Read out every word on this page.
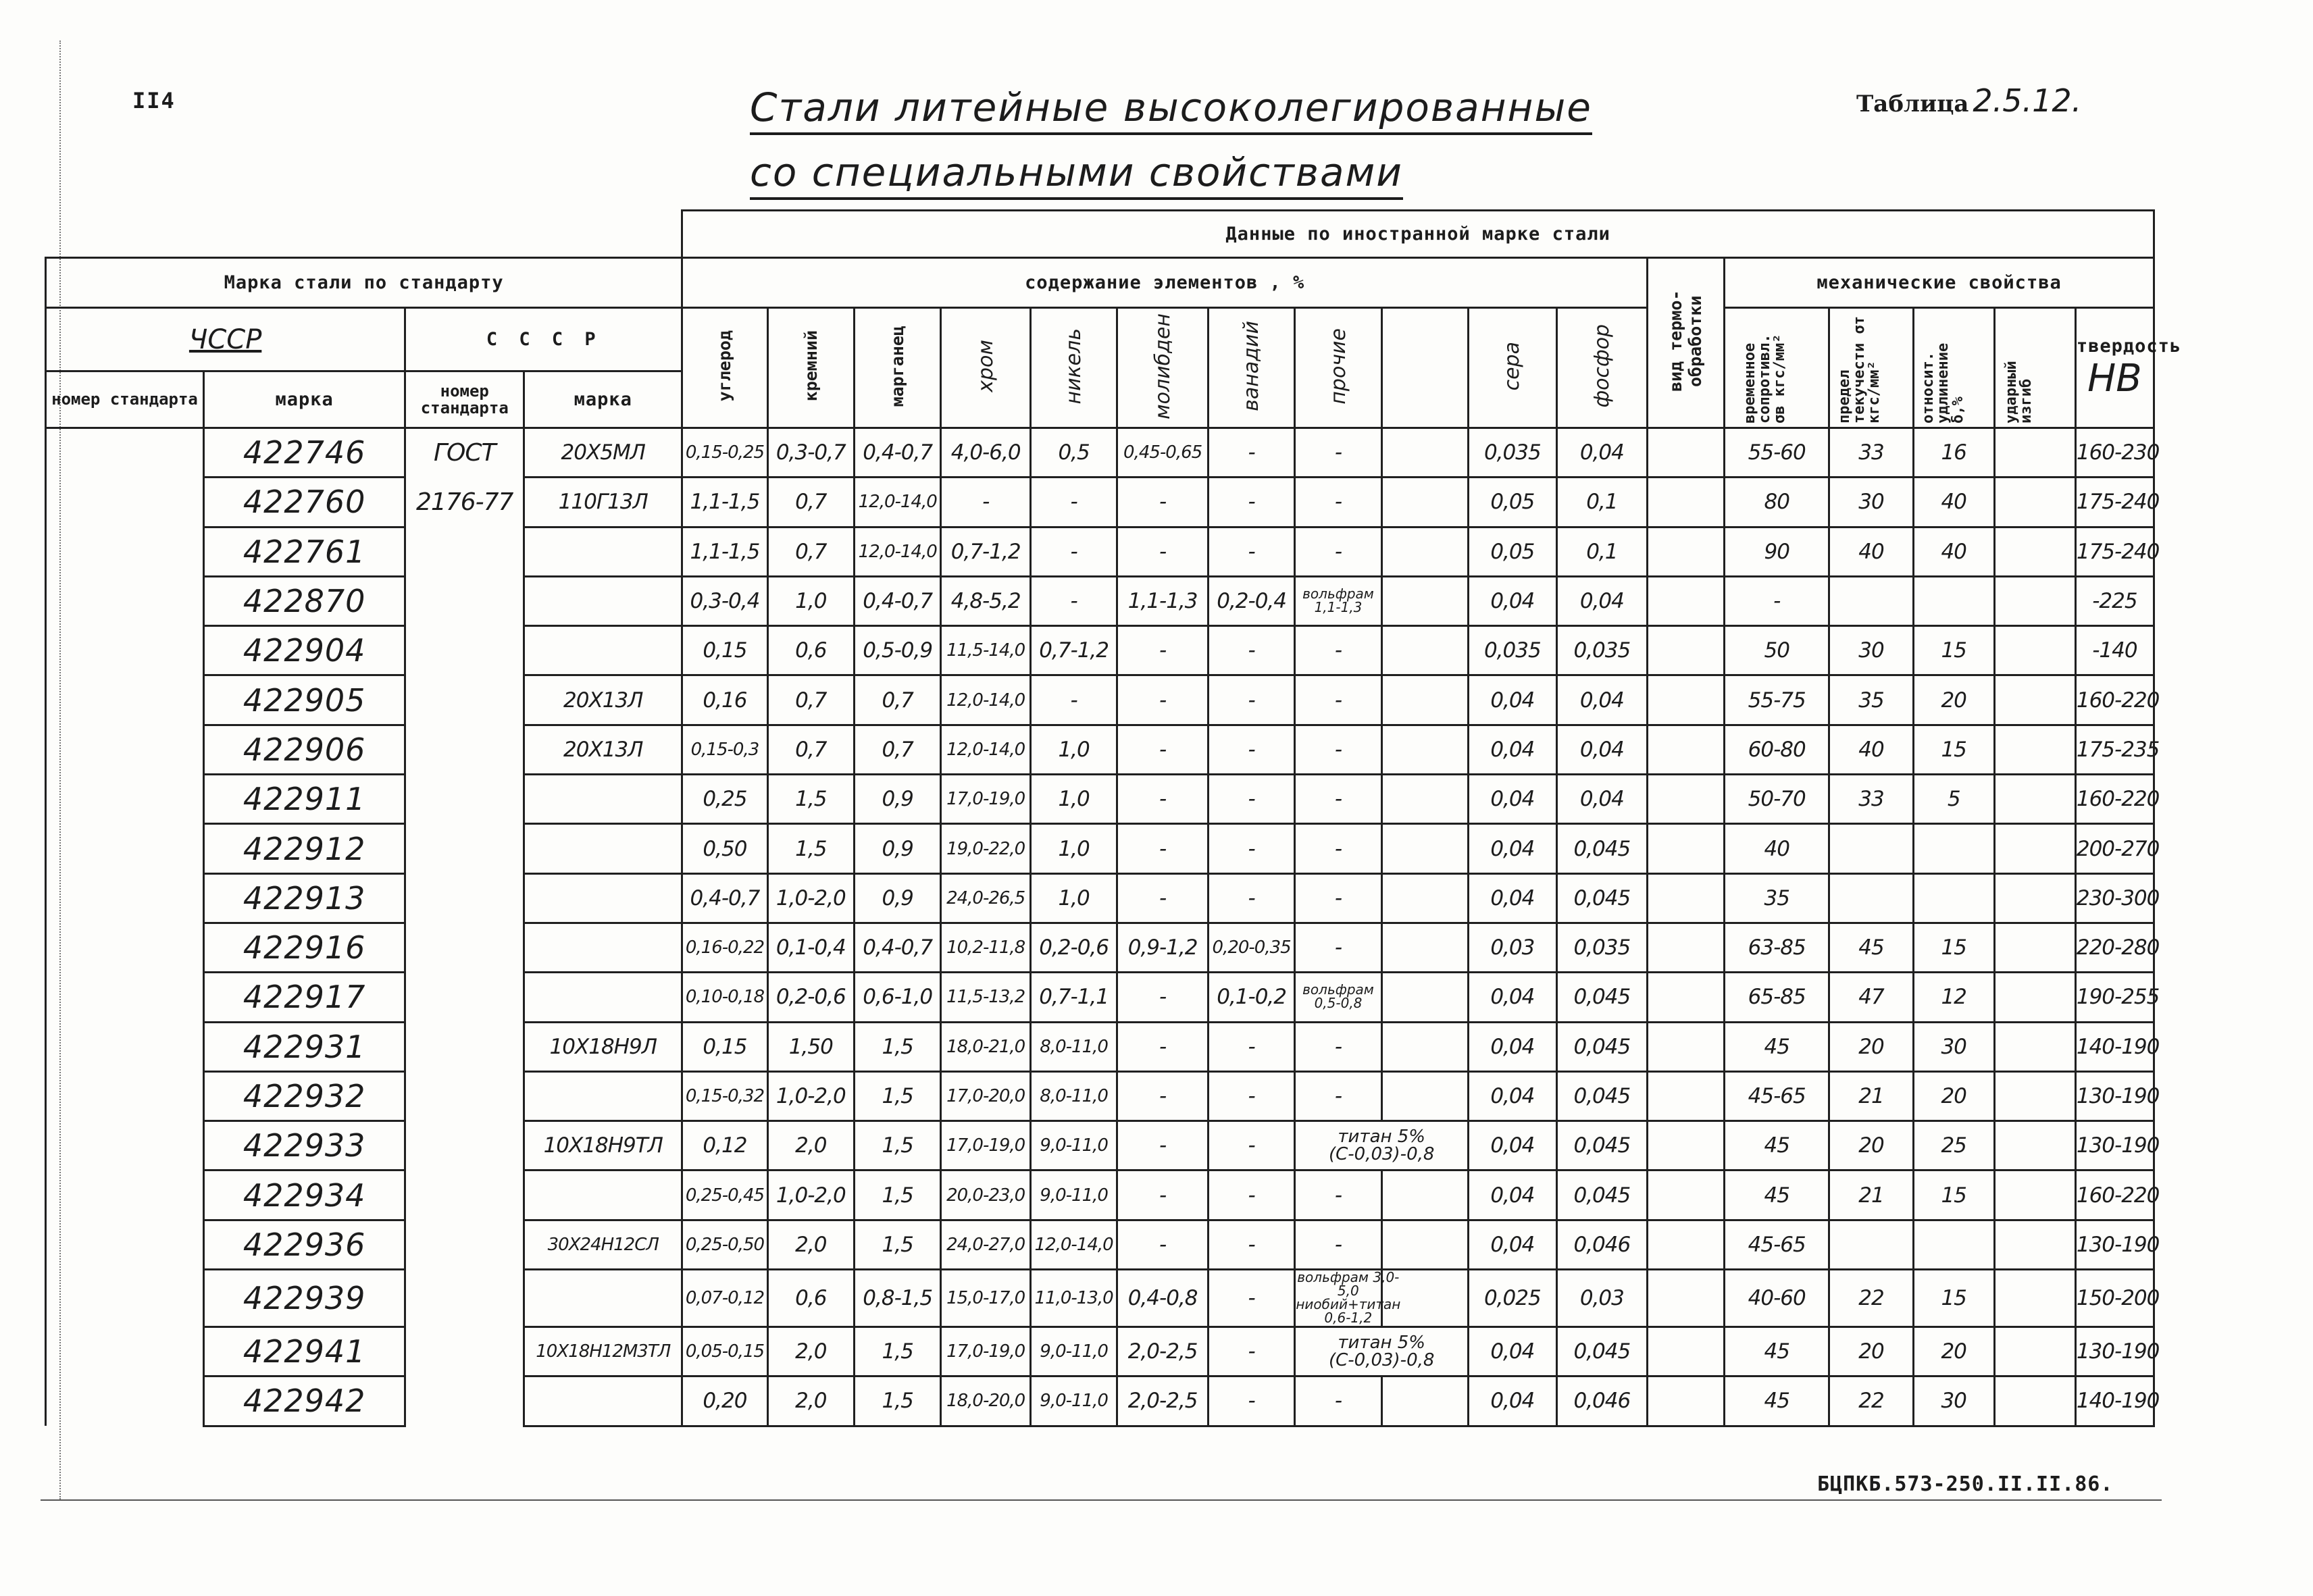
II4	Стали литейные высоколегированные
со специальными свойствами
Таблица 2.5.12.
				Данные по иностранной марке стали																
Марка стали по стандарту				содержание элементов , %											вид термо- обработки	механические свойства				
ЧССР		С С С Р		углерод	кремний	марганец	хром	никель	молибден	ванадий	прочие		сера	фосфор		временное сопротивл. σв кгс/мм²	предел текучести σт кгс/мм²	относит. удлинение δ,%	ударный изгиб	твердость
НВ

номер стандарта	марка	номер стандарта	марка																	
	422746	ГОСТ	20Х5МЛ	0,15-0,25	0,3-0,7	0,4-0,7	4,0-6,0	0,5	0,45-0,65	-	-		0,035	0,04		55-60	33	16		160-230
	422760	2176-77	110Г13Л	1,1-1,5	0,7	12,0-14,0	-	-	-	-	-		0,05	0,1		80	30	40		175-240
	422761			1,1-1,5	0,7	12,0-14,0	0,7-1,2	-	-	-	-		0,05	0,1		90	40	40		175-240
	422870			0,3-0,4	1,0	0,4-0,7	4,8-5,2	-	1,1-1,3	0,2-0,4	вольфрам 1,1-1,3		0,04	0,04		-				-225
	422904			0,15	0,6	0,5-0,9	11,5-14,0	0,7-1,2	-	-	-		0,035	0,035		50	30	15		-140
	422905		20Х13Л	0,16	0,7	0,7	12,0-14,0	-	-	-	-		0,04	0,04		55-75	35	20		160-220
	422906		20Х13Л	0,15-0,3	0,7	0,7	12,0-14,0	1,0	-	-	-		0,04	0,04		60-80	40	15		175-235
	422911			0,25	1,5	0,9	17,0-19,0	1,0	-	-	-		0,04	0,04		50-70	33	5		160-220
	422912			0,50	1,5	0,9	19,0-22,0	1,0	-	-	-		0,04	0,045		40				200-270
	422913			0,4-0,7	1,0-2,0	0,9	24,0-26,5	1,0	-	-	-		0,04	0,045		35				230-300
	422916			0,16-0,22	0,1-0,4	0,4-0,7	10,2-11,8	0,2-0,6	0,9-1,2	0,20-0,35	-		0,03	0,035		63-85	45	15		220-280
	422917			0,10-0,18	0,2-0,6	0,6-1,0	11,5-13,2	0,7-1,1	-	0,1-0,2	вольфрам 0,5-0,8		0,04	0,045		65-85	47	12		190-255
	422931		10Х18Н9Л	0,15	1,50	1,5	18,0-21,0	8,0-11,0	-	-	-		0,04	0,045		45	20	30		140-190
	422932			0,15-0,32	1,0-2,0	1,5	17,0-20,0	8,0-11,0	-	-	-		0,04	0,045		45-65	21	20		130-190
	422933		10Х18Н9ТЛ	0,12	2,0	1,5	17,0-19,0	9,0-11,0	-	-	титан 5%(С-0,03)-0,8		0,04	0,045		45	20	25		130-190
	422934			0,25-0,45	1,0-2,0	1,5	20,0-23,0	9,0-11,0	-	-	-		0,04	0,045		45	21	15		160-220
	422936		30Х24Н12СЛ	0,25-0,50	2,0	1,5	24,0-27,0	12,0-14,0	-	-	-		0,04	0,046		45-65				130-190
	422939			0,07-0,12	0,6	0,8-1,5	15,0-17,0	11,0-13,0	0,4-0,8	-	вольфрам 3,0-5,0 ниобий+титан 0,6-1,2		0,025	0,03		40-60	22	15		150-200
	422941		10Х18Н12М3ТЛ	0,05-0,15	2,0	1,5	17,0-19,0	9,0-11,0	2,0-2,5	-	титан 5%(С-0,03)-0,8		0,04	0,045		45	20	20		130-190
	422942			0,20	2,0	1,5	18,0-20,0	9,0-11,0	2,0-2,5	-	-		0,04	0,046		45	22	30		140-190
БЦПКБ.573-250.II.II.86.
